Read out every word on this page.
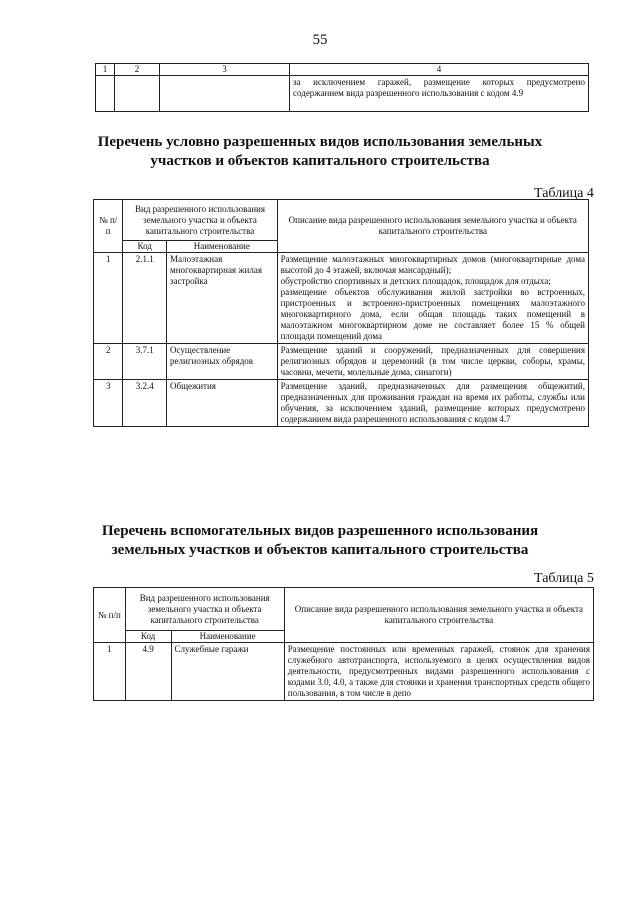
55
1	2	3	4
			за исключением гаражей, размещение которых предусмотрено содержанием вида разрешенного использования с кодом 4.9
Перечень условно разрешенных видов использования земельных
участков и объектов капитального строительства
Таблица 4
№ п/п	Вид разрешенного использования земельного участка и объекта капитального строительства		Описание вида разрешенного использования земельного участка и объекта капитального строительства
	Код	Наименование	
1	2.1.1	Малоэтажная многоквартирная жилая застройка	Размещение малоэтажных многоквартирных домов (многоквартирные дома высотой до 4 этажей, включая мансардный);
обустройство спортивных и детских площадок, площадок для отдыха;
размещение объектов обслуживания жилой застройки во встроенных, пристроенных и встроенно-пристроенных помещениях малоэтажного многоквартирного дома, если общая площадь таких помещений в малоэтажном многоквартирном доме не составляет более 15 % общей площади помещений дома

2	3.7.1	Осуществление религиозных обрядов	Размещение зданий и сооружений, предназначенных для совершения религиозных обрядов и церемоний (в том числе церкви, соборы, храмы, часовни, мечети, молельные дома, синагоги)
3	3.2.4	Общежития	Размещение зданий, предназначенных для размещения общежитий, предназначенных для проживания граждан на время их работы, службы или обучения, за исключением зданий, размещение которых предусмотрено содержанием вида разрешенного использования с кодом 4.7
Перечень вспомогательных видов разрешенного использования
земельных участков и объектов капитального строительства
Таблица 5
№ п/п	Вид разрешенного использования земельного участка и объекта капитального строительства		Описание вида разрешенного использования земельного участка и объекта капитального строительства
	Код	Наименование	
1	4.9	Служебные гаражи	Размещение постоянных или временных гаражей, стоянок для хранения служебного автотранспорта, используемого в целях осуществления видов деятельности, предусмотренных видами разрешенного использования с кодами 3.0, 4.0, а также для стоянки и хранения транспортных средств общего пользования, в том числе в депо
